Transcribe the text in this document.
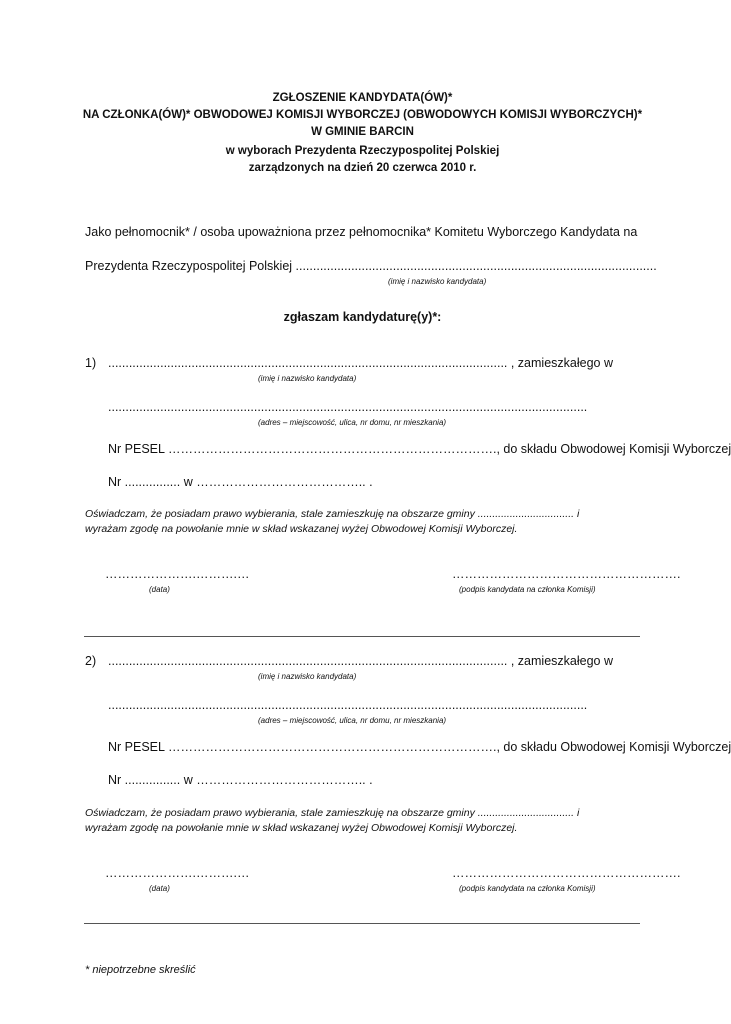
ZGŁOSZENIE KANDYDATA(ÓW)*
NA CZŁONKA(ÓW)* OBWODOWEJ KOMISJI WYBORCZEJ (OBWODOWYCH KOMISJI WYBORCZYCH)*
W GMINIE BARCIN
w wyborach Prezydenta Rzeczypospolitej Polskiej
zarządzonych na dzień 20 czerwca 2010 r.
Jako pełnomocnik* / osoba upoważniona przez pełnomocnika* Komitetu Wyborczego Kandydata na
Prezydenta Rzeczypospolitej Polskiej ........................................................................................................
(imię i nazwisko kandydata)
zgłaszam kandydaturę(y)*:
1) ................................................................................................................... , zamieszkałego w
(imię i nazwisko kandydata)
..........................................................................................................................................
(adres – miejscowość, ulica, nr domu, nr mieszkania)
Nr PESEL ……………………………………………………………………., do składu Obwodowej Komisji Wyborczej
Nr ................ w ………………………………….. .
Oświadczam, że posiadam prawo wybierania, stale zamieszkuję na obszarze gminy ................................. i
wyrażam zgodę na powołanie mnie w skład wskazanej wyżej Obwodowej Komisji Wyborczej.
………………….……….…
(data)
……………………………………………….
(podpis kandydata na członka Komisji)
2) ................................................................................................................... , zamieszkałego w
(imię i nazwisko kandydata)
..........................................................................................................................................
(adres – miejscowość, ulica, nr domu, nr mieszkania)
Nr PESEL ……………………………………………………………………., do składu Obwodowej Komisji Wyborczej
Nr ................ w ………………………………….. .
Oświadczam, że posiadam prawo wybierania, stale zamieszkuję na obszarze gminy ................................. i
wyrażam zgodę na powołanie mnie w skład wskazanej wyżej Obwodowej Komisji Wyborczej.
………………….……….…
(data)
……………………………………………….
(podpis kandydata na członka Komisji)
* niepotrzebne skreślić
